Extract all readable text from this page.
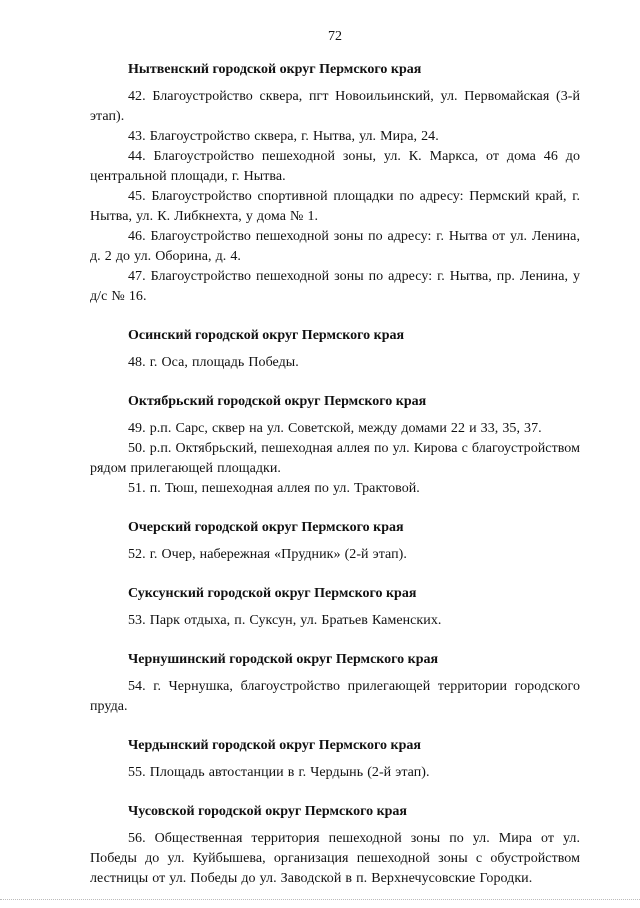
72
Нытвенский городской округ Пермского края

42. Благоустройство сквера, пгт Новоильинский, ул. Первомайская (3-й этап).

43. Благоустройство сквера, г. Нытва, ул. Мира, 24.

44. Благоустройство пешеходной зоны, ул. К. Маркса, от дома 46 до центральной площади, г. Нытва.

45. Благоустройство спортивной площадки по адресу: Пермский край, г. Нытва, ул. К. Либкнехта, у дома № 1.

46. Благоустройство пешеходной зоны по адресу: г. Нытва от ул. Ленина, д. 2 до ул. Оборина, д. 4.

47. Благоустройство пешеходной зоны по адресу: г. Нытва, пр. Ленина, у д/с № 16.

Осинский городской округ Пермского края

48. г. Оса, площадь Победы.

Октябрьский городской округ Пермского края

49. р.п. Сарс, сквер на ул. Советской, между домами 22 и 33, 35, 37.

50. р.п. Октябрьский, пешеходная аллея по ул. Кирова с благоустройством рядом прилегающей площадки.

51. п. Тюш, пешеходная аллея по ул. Трактовой.

Очерский городской округ Пермского края

52. г. Очер, набережная «Прудник» (2-й этап).

Суксунский городской округ Пермского края

53. Парк отдыха, п. Суксун, ул. Братьев Каменских.

Чернушинский городской округ Пермского края

54. г. Чернушка, благоустройство прилегающей территории городского пруда.

Чердынский городской округ Пермского края

55. Площадь автостанции в г. Чердынь (2-й этап).

Чусовской городской округ Пермского края

56. Общественная территория пешеходной зоны по ул. Мира от ул. Победы до ул. Куйбышева, организация пешеходной зоны с обустройством лестницы от ул. Победы до ул. Заводской в п. Верхнечусовские Городки.
